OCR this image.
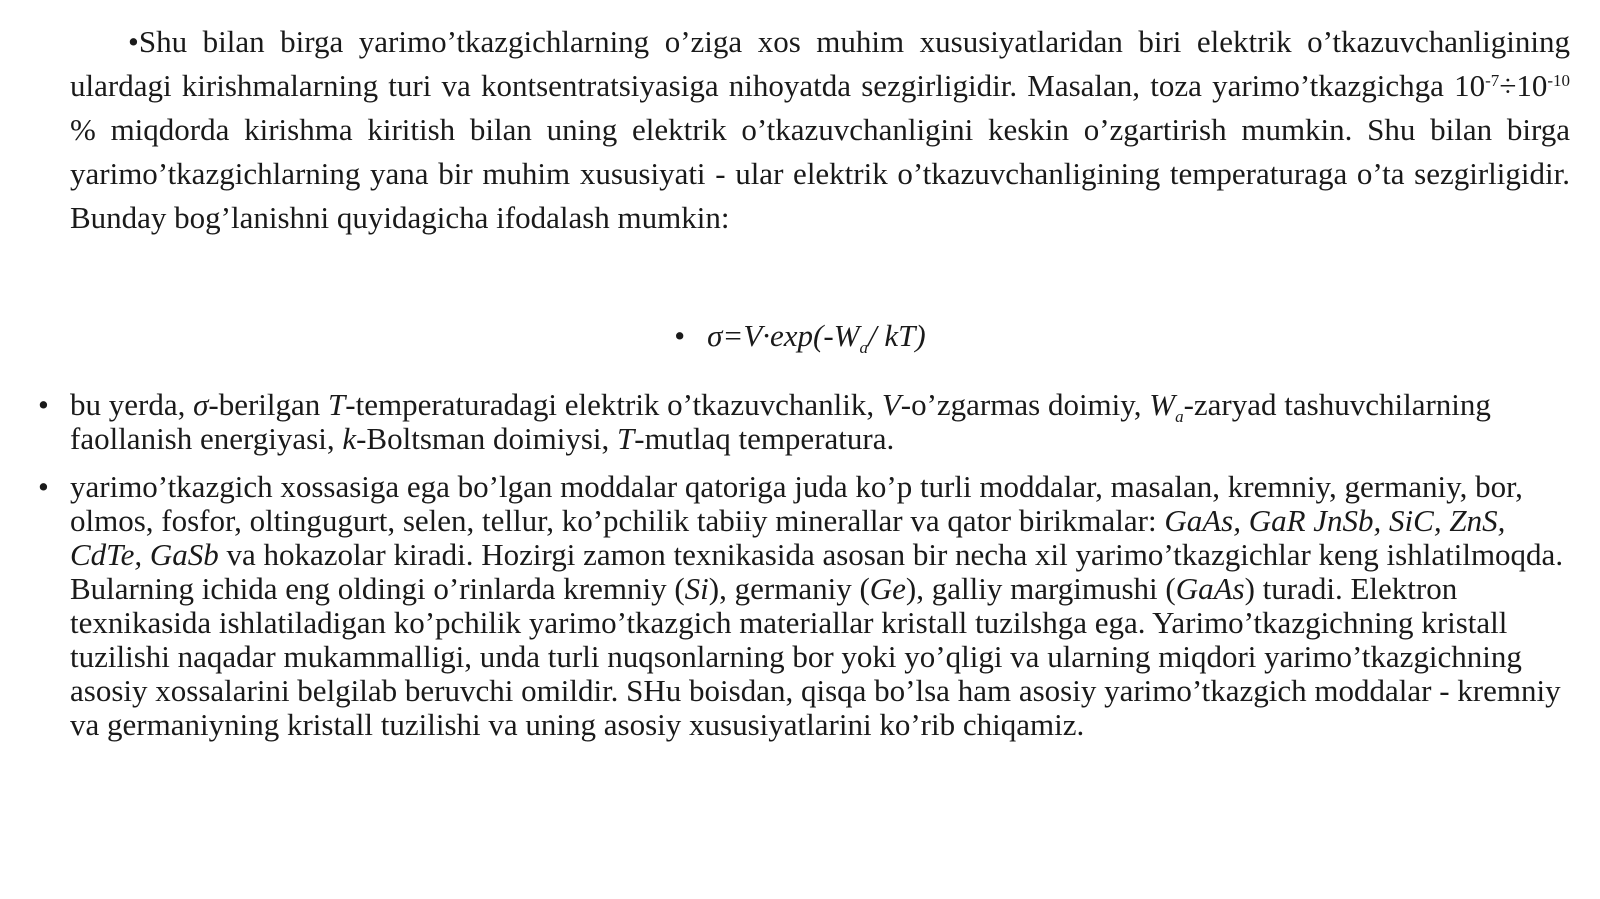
•Shu bilan birga yarimo’tkazgichlarning o’ziga xos muhim xususiyatlaridan biri elektrik o’tkazuvchanligining ulardagi kirishmalarning turi va kontsentratsiyasiga nihoyatda sezgirligidir. Masalan, toza yarimo’tkazgichga $10^{-7}\div 10^{-10}$ % miqdorda kirishma kiritish bilan uning elektrik o’tkazuvchanligini keskin o’zgartirish mumkin. Shu bilan birga yarimo’tkazgichlarning yana bir muhim xususiyati - ular elektrik o’tkazuvchanligining temperaturaga o’ta sezgirligidir. Bunday bog’lanishni quyidagicha ifodalash mumkin:

• $\sigma=V\cdot\exp(-W_a/$ kT)

• bu yerda, σ-berilgan T-temperaturadagi elektrik o’tkazuvchanlik, V-o’zgarmas doimiy, $W_a$-zaryad tashuvchilarning faollanish energiyasi, k-Boltsman doimiysi, T-mutlaq temperatura.
• yarimo’tkazgich xossasiga ega bo’lgan moddalar qatoriga juda ko’p turli moddalar, masalan, kremniy, germaniy, bor, olmos, fosfor, oltingugurt, selen, tellur, ko’pchilik tabiiy minerallar va qator birikmalar: GaAs, GaR JnSb, SiC, ZnS, CdTe, GaSb va hokazolar kiradi. Hozirgi zamon texnikasida asosan bir necha xil yarimo’tkazgichlar keng ishlatilmoqda. Bularning ichida eng oldingi o’rinlarda kremniy (Si), germaniy (Ge), galliy margimushi (GaAs) turadi. Elektron texnikasida ishlatiladigan ko’pchilik yarimo’tkazgich materiallar kristall tuzilshga ega. Yarimo’tkazgichning kristall tuzilishi naqadar mukammalligi, unda turli nuqsonlarning bor yoki yo’qligi va ularning miqdori yarimo’tkazgichning asosiy xossalarini belgilab beruvchi omildir. SHu boisdan, qisqa bo’lsa ham asosiy yarimo’tkazgich moddalar - kremniy va germaniyning kristall tuzilishi va uning asosiy xususiyatlarini ko’rib chiqamiz.
